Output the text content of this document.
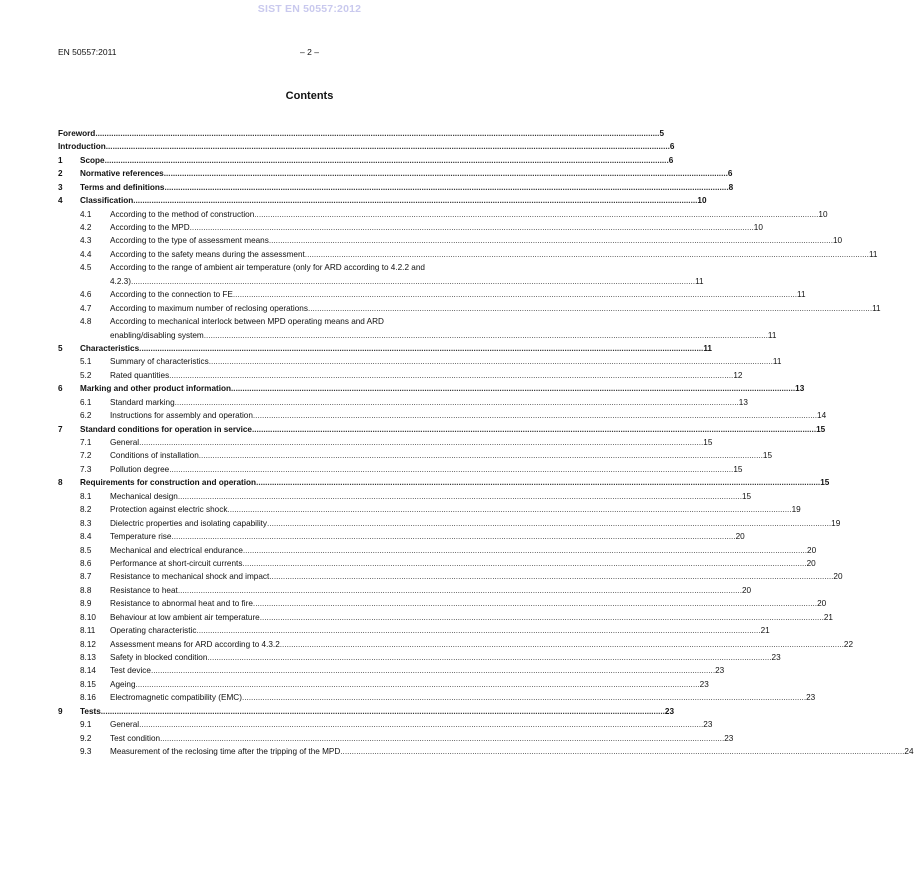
SIST EN 50557:2012
EN 50557:2011	– 2 –
Contents
Foreword .....	5
Introduction .....	6
1	Scope .....	6
2	Normative references .....	6
3	Terms and definitions .....	8
4	Classification .....	10
4.1	According to the method of construction .....	10
4.2	According to the MPD .....	10
4.3	According to the type of assessment means .....	10
4.4	According to the safety means during the assessment .....	11
4.5	According to the range of ambient air temperature (only for ARD according to 4.2.2 and
4.2.3) .....	11
4.6	According to the connection to FE .....	11
4.7	According to maximum number of reclosing operations .....	11
4.8	According to mechanical interlock between MPD operating means and ARD
enabling/disabling system .....	11
5	Characteristics .....	11
5.1	Summary of characteristics .....	11
5.2	Rated quantities .....	12
6	Marking and other product information .....	13
6.1	Standard marking .....	13
6.2	Instructions for assembly and operation .....	14
7	Standard conditions for operation in service .....	15
7.1	General .....	15
7.2	Conditions of installation .....	15
7.3	Pollution degree .....	15
8	Requirements for construction and operation .....	15
8.1	Mechanical design .....	15
8.2	Protection against electric shock .....	19
8.3	Dielectric properties and isolating capability .....	19
8.4	Temperature rise .....	20
8.5	Mechanical and electrical endurance .....	20
8.6	Performance at short-circuit currents .....	20
8.7	Resistance to mechanical shock and impact .....	20
8.8	Resistance to heat .....	20
8.9	Resistance to abnormal heat and to fire .....	20
8.10	Behaviour at low ambient air temperature .....	21
8.11	Operating characteristic .....	21
8.12	Assessment means for ARD according to 4.3.2 .....	22
8.13	Safety in blocked condition .....	23
8.14	Test device .....	23
8.15	Ageing .....	23
8.16	Electromagnetic compatibility (EMC) .....	23
9	Tests .....	23
9.1	General .....	23
9.2	Test condition .....	23
9.3	Measurement of the reclosing time after the tripping of the MPD .....	24
